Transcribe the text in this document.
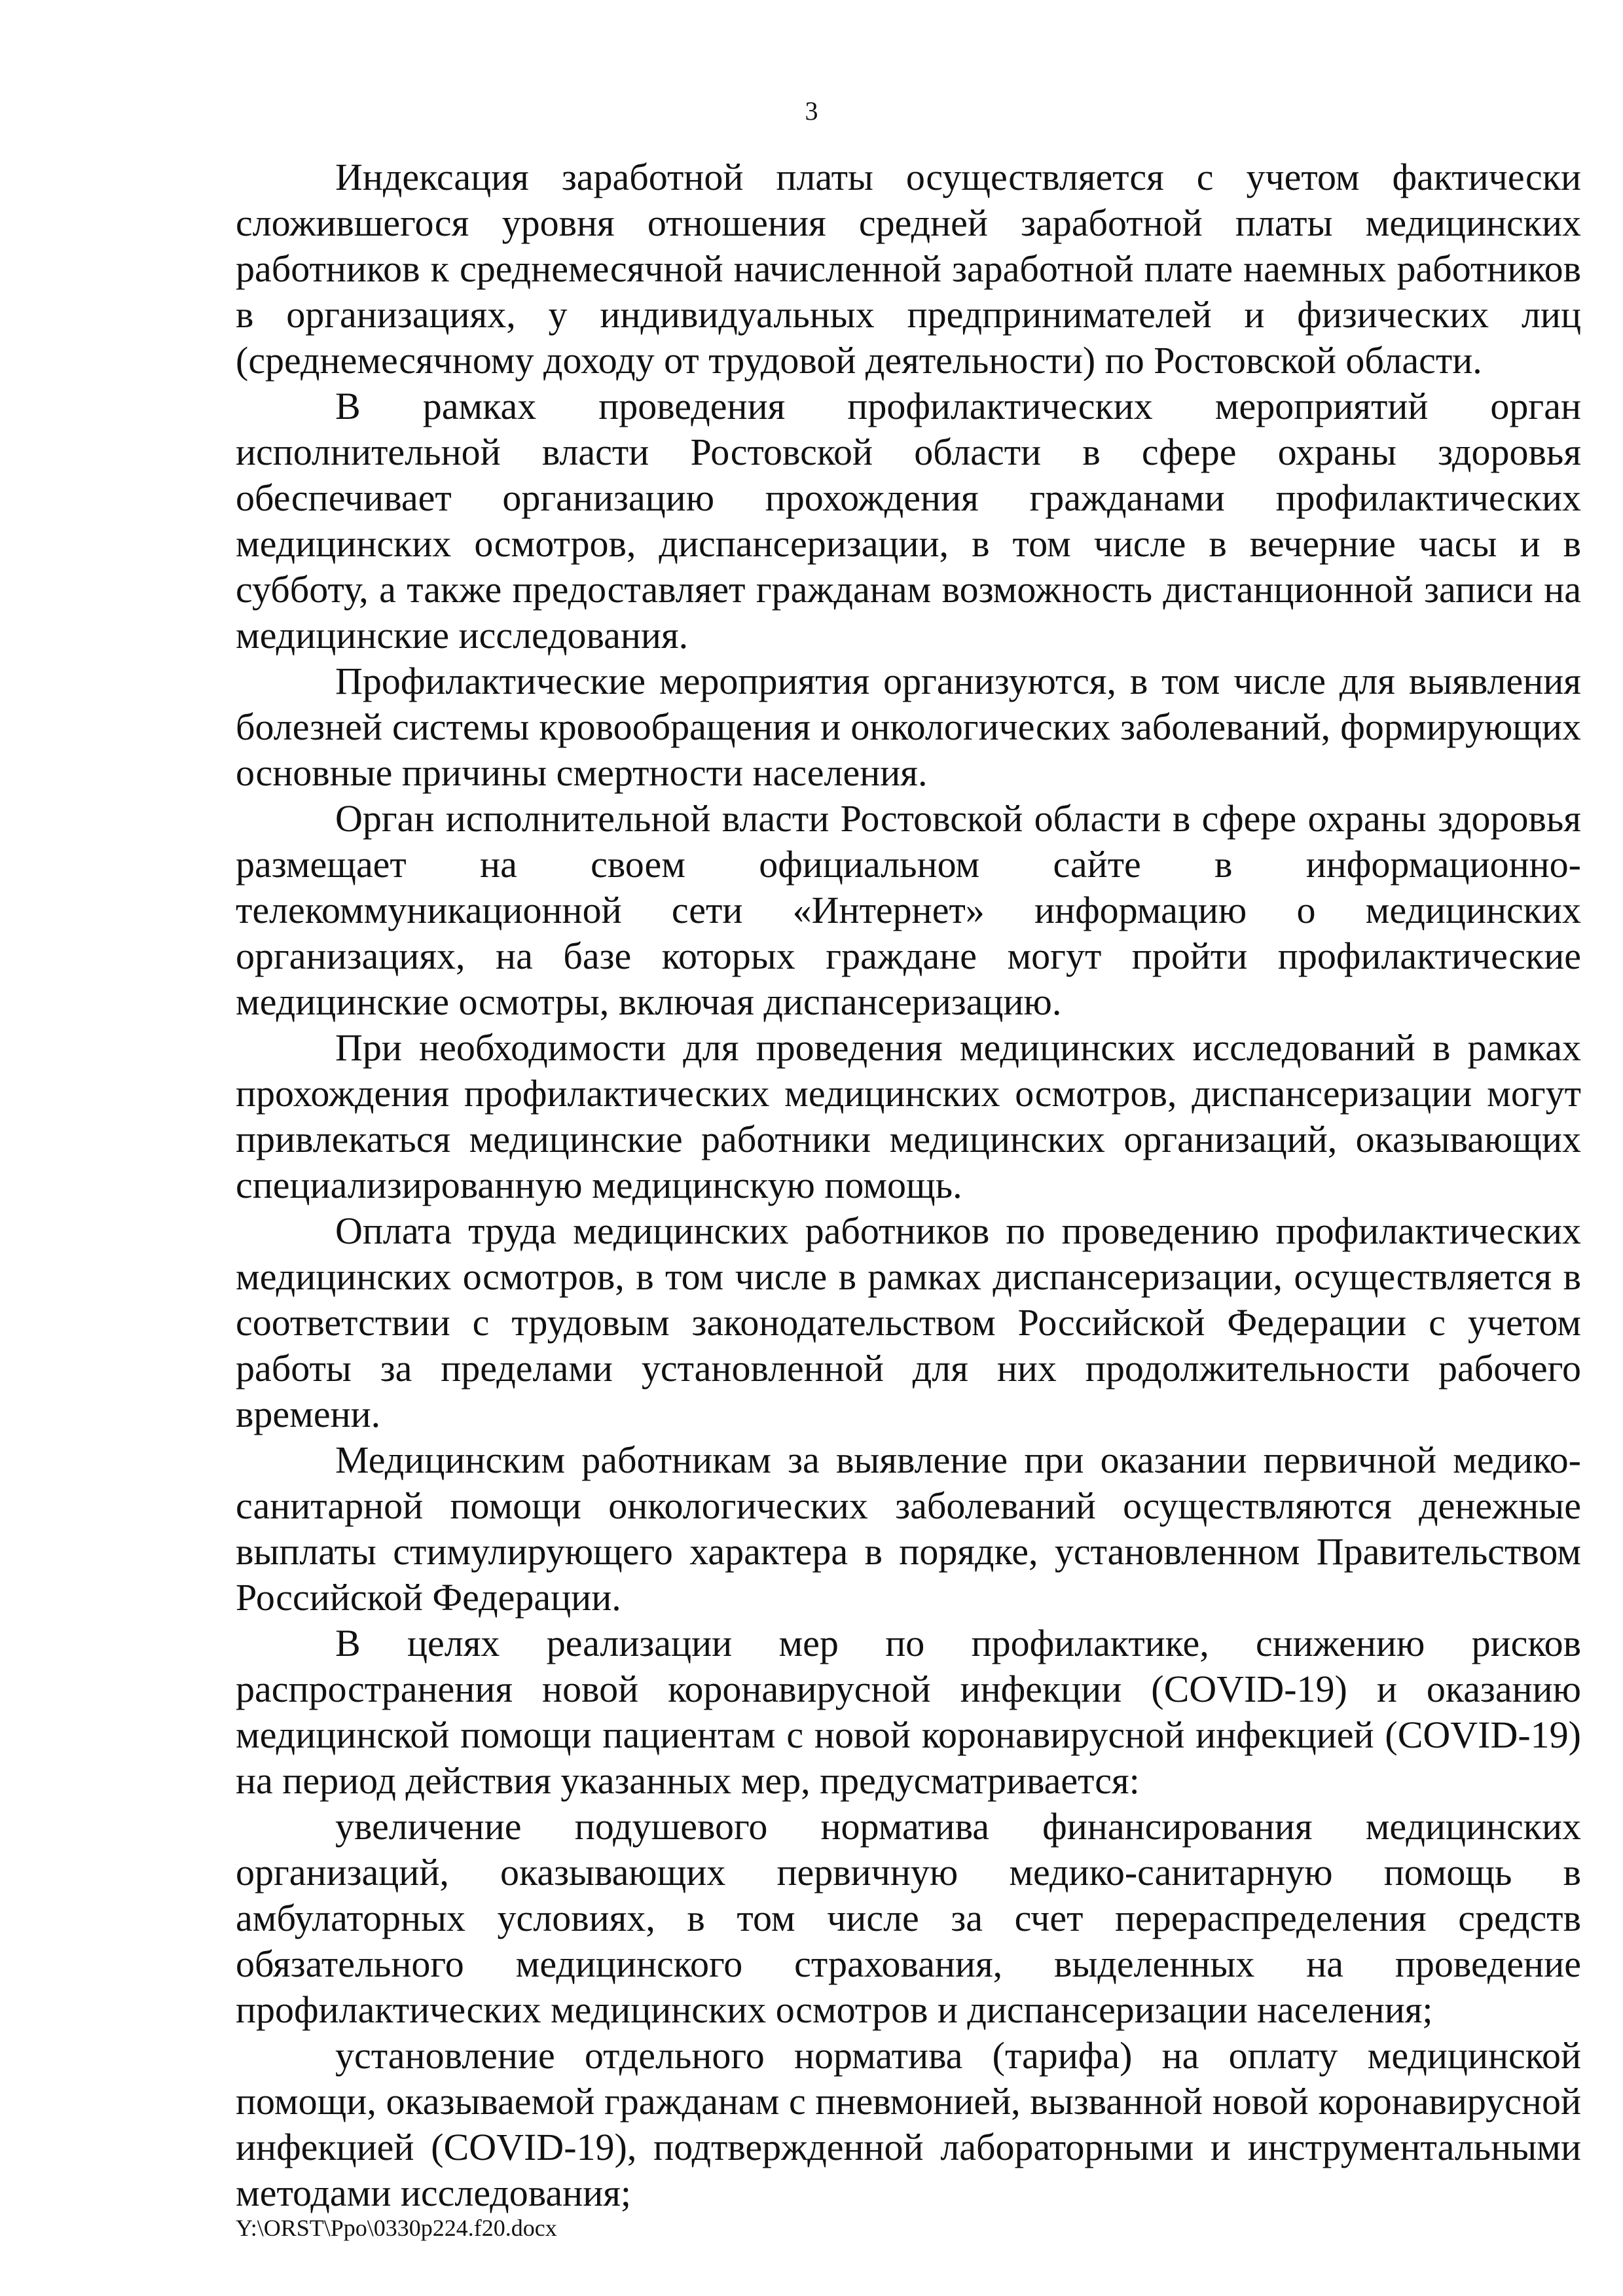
3

Индексация заработной платы осуществляется с учетом фактически сложившегося уровня отношения средней заработной платы медицинских работников к среднемесячной начисленной заработной плате наемных работников в организациях, у индивидуальных предпринимателей и физических лиц (среднемесячному доходу от трудовой деятельности) по Ростовской области.

В рамках проведения профилактических мероприятий орган исполнительной власти Ростовской области в сфере охраны здоровья обеспечивает организацию прохождения гражданами профилактических медицинских осмотров, диспансеризации, в том числе в вечерние часы и в субботу, а также предоставляет гражданам возможность дистанционной записи на медицинские исследования.

Профилактические мероприятия организуются, в том числе для выявления болезней системы кровообращения и онкологических заболеваний, формирующих основные причины смертности населения.

Орган исполнительной власти Ростовской области в сфере охраны здоровья размещает на своем официальном сайте в информационно-телекоммуникационной сети «Интернет» информацию о медицинских организациях, на базе которых граждане могут пройти профилактические медицинские осмотры, включая диспансеризацию.

При необходимости для проведения медицинских исследований в рамках прохождения профилактических медицинских осмотров, диспансеризации могут привлекаться медицинские работники медицинских организаций, оказывающих специализированную медицинскую помощь.

Оплата труда медицинских работников по проведению профилактических медицинских осмотров, в том числе в рамках диспансеризации, осуществляется в соответствии с трудовым законодательством Российской Федерации с учетом работы за пределами установленной для них продолжительности рабочего времени.

Медицинским работникам за выявление при оказании первичной медико-санитарной помощи онкологических заболеваний осуществляются денежные выплаты стимулирующего характера в порядке, установленном Правительством Российской Федерации.

В целях реализации мер по профилактике, снижению рисков распространения новой коронавирусной инфекции (COVID-19) и оказанию медицинской помощи пациентам с новой коронавирусной инфекцией (COVID-19) на период действия указанных мер, предусматривается:

увеличение подушевого норматива финансирования медицинских организаций, оказывающих первичную медико-санитарную помощь в амбулаторных условиях, в том числе за счет перераспределения средств обязательного медицинского страхования, выделенных на проведение профилактических медицинских осмотров и диспансеризации населения;

установление отдельного норматива (тарифа) на оплату медицинской помощи, оказываемой гражданам с пневмонией, вызванной новой коронавирусной инфекцией (COVID-19), подтвержденной лабораторными и инструментальными методами исследования;

Y:\ORST\Ppo\0330p224.f20.docx
